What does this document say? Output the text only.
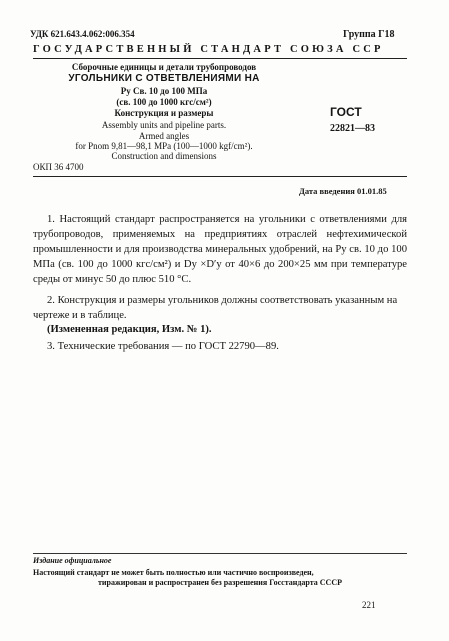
УДК 621.643.4.062:006.354	Группа Г18
ГОСУДАРСТВЕННЫЙ СТАНДАРТ СОЮЗА ССР
Сборочные единицы и детали трубопроводов
УГОЛЬНИКИ С ОТВЕТВЛЕНИЯМИ НА
Pу Св. 10 до 100 МПа
(св. 100 до 1000 кгс/см²)
Конструкция и размеры
Assembly units and pipeline parts.
Armed angles
for Pnom 9,81—98,1 MPa (100—1000 kgf/cm²).
Construction and dimensions
ГОСТ
22821—83
ОКП 36 4700
Дата введения 01.01.85
1. Настоящий стандарт распространяется на угольники с ответвлениями для трубопроводов, применяемых на предприятиях отраслей нефтехимической промышленности и для производства минеральных удобрений, на Pу св. 10 до 100 МПа (св. 100 до 1000 кгс/см²) и Dу ×D′у от 40×6 до 200×25 мм при температуре среды от минус 50 до плюс 510 °С.
2. Конструкция и размеры угольников должны соответствовать указанным на чертеже и в таблице.
(Измененная редакция, Изм. № 1).
3. Технические требования — по ГОСТ 22790—89.
Издание официальное
Настоящий стандарт не может быть полностью или частично воспроизведен,
тиражирован и распространен без разрешения Госстандарта СССР
221
